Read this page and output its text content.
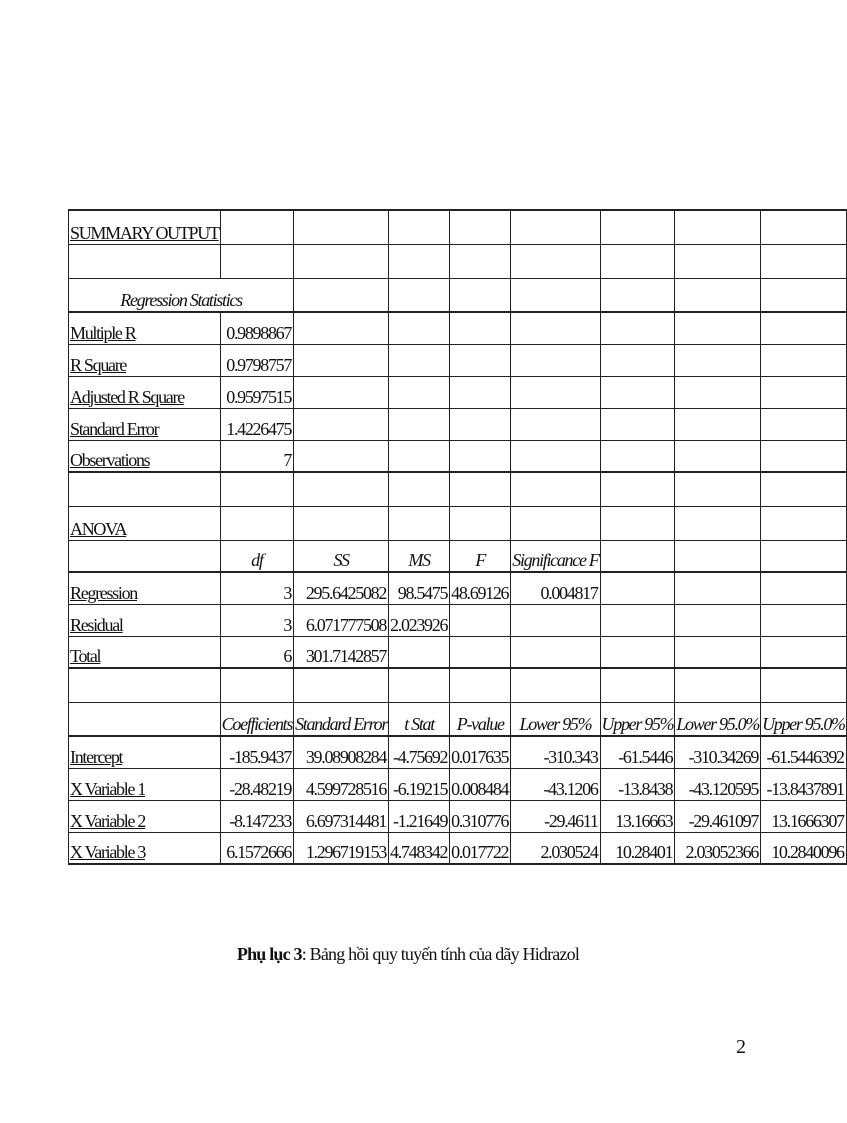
SUMMARY OUTPUT								

Regression Statistics								
Multiple R	0.9898867							
R Square	0.9798757							
Adjusted R Square	0.9597515							
Standard Error	1.4226475							
Observations	7							

ANOVA								
	df	SS	MS	F	Significance F			
Regression	3	295.6425082	98.5475	48.69126	0.004817			
Residual	3	6.071777508	2.023926					
Total	6	301.7142857						

	Coefficients	Standard Error	t Stat	P-value	Lower 95%	Upper 95%	Lower 95.0%	Upper 95.0%
Intercept	-185.9437	39.08908284	-4.75692	0.017635	-310.343	-61.5446	-310.34269	-61.5446392
X Variable 1	-28.48219	4.599728516	-6.19215	0.008484	-43.1206	-13.8438	-43.120595	-13.8437891
X Variable 2	-8.147233	6.697314481	-1.21649	0.310776	-29.4611	13.16663	-29.461097	13.1666307
X Variable 3	6.1572666	1.296719153	4.748342	0.017722	2.030524	10.28401	2.03052366	10.2840096
Phụ lục 3: Bảng hồi quy tuyến tính của dãy Hidrazol
2
